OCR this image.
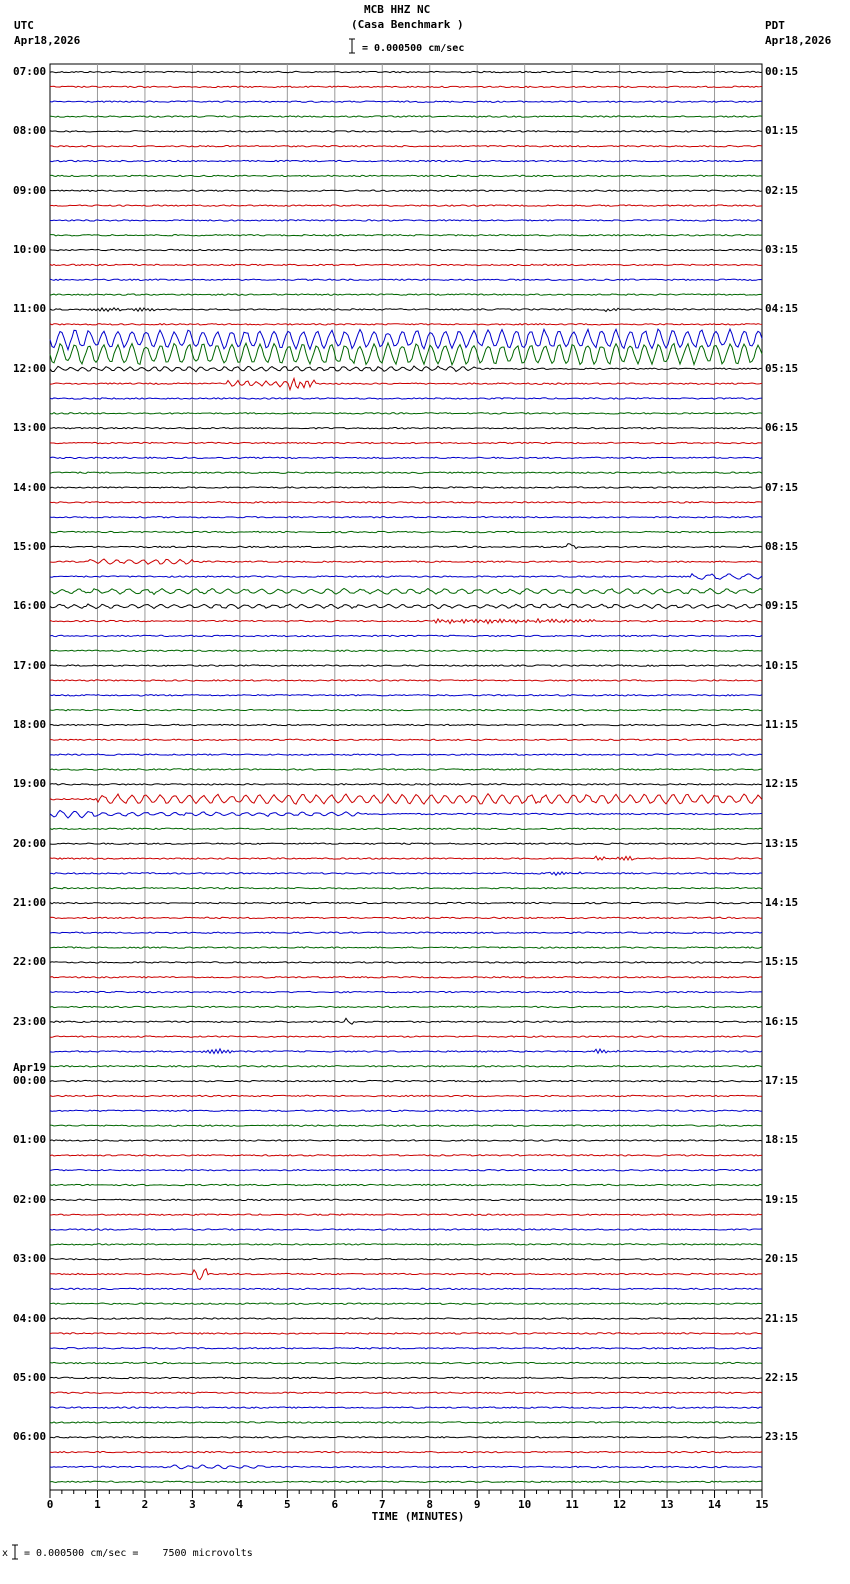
MCB HHZ NC
(Casa Benchmark )
= 0.000500 cm/sec
UTC
Apr18,2026
PDT
Apr18,2026
0	1	2	3	4	5	6	7	8	9	10	11	12	13	14	15
TIME (MINUTES)
07:00
08:00
09:00
10:00
11:00
12:00
13:00
14:00
15:00
16:00
17:00
18:00
19:00
20:00
21:00
22:00
23:00
00:00
Apr19
01:00
02:00
03:00
04:00
05:00
06:00
00:15
01:15
02:15
03:15
04:15
05:15
06:15
07:15
08:15
09:15
10:15
11:15
12:15
13:15
14:15
15:15
16:15
17:15
18:15
19:15
20:15
21:15
22:15
23:15
x = 0.000500 cm/sec =    7500 microvolts
